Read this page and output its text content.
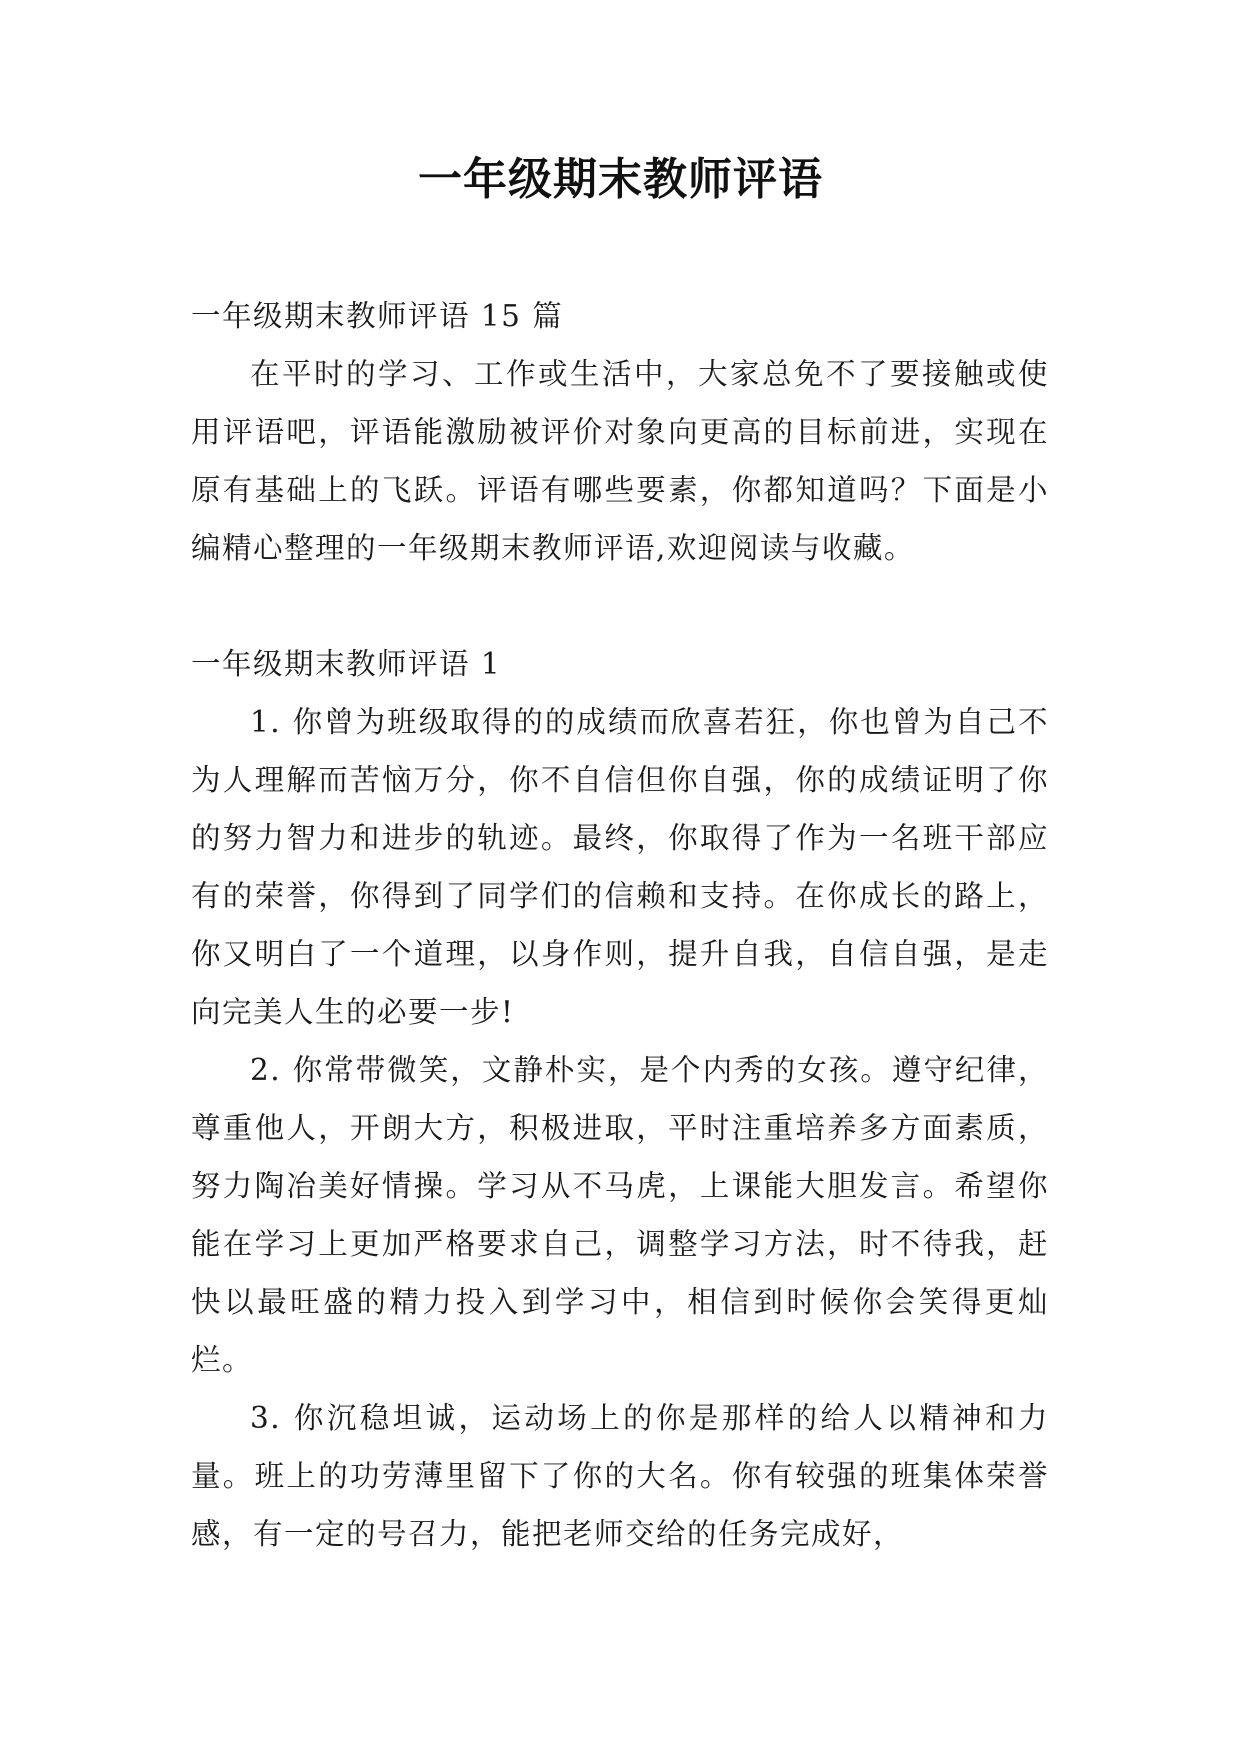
一年级期末教师评语

一年级期末教师评语 15 篇

在平时的学习、工作或生活中，大家总免不了要接触或使用评语吧，评语能激励被评价对象向更高的目标前进，实现在原有基础上的飞跃。评语有哪些要素，你都知道吗？下面是小编精心整理的一年级期末教师评语,欢迎阅读与收藏。

一年级期末教师评语 1

1. 你曾为班级取得的的成绩而欣喜若狂，你也曾为自己不为人理解而苦恼万分，你不自信但你自强，你的成绩证明了你的努力智力和进步的轨迹。最终，你取得了作为一名班干部应有的荣誉，你得到了同学们的信赖和支持。在你成长的路上，你又明白了一个道理，以身作则，提升自我，自信自强，是走向完美人生的必要一步!

2. 你常带微笑，文静朴实，是个内秀的女孩。遵守纪律，尊重他人，开朗大方，积极进取，平时注重培养多方面素质，努力陶冶美好情操。学习从不马虎，上课能大胆发言。希望你能在学习上更加严格要求自己，调整学习方法，时不待我，赶快以最旺盛的精力投入到学习中，相信到时候你会笑得更灿烂。

3. 你沉稳坦诚，运动场上的你是那样的给人以精神和力量。班上的功劳薄里留下了你的大名。你有较强的班集体荣誉感，有一定的号召力，能把老师交给的任务完成好，
